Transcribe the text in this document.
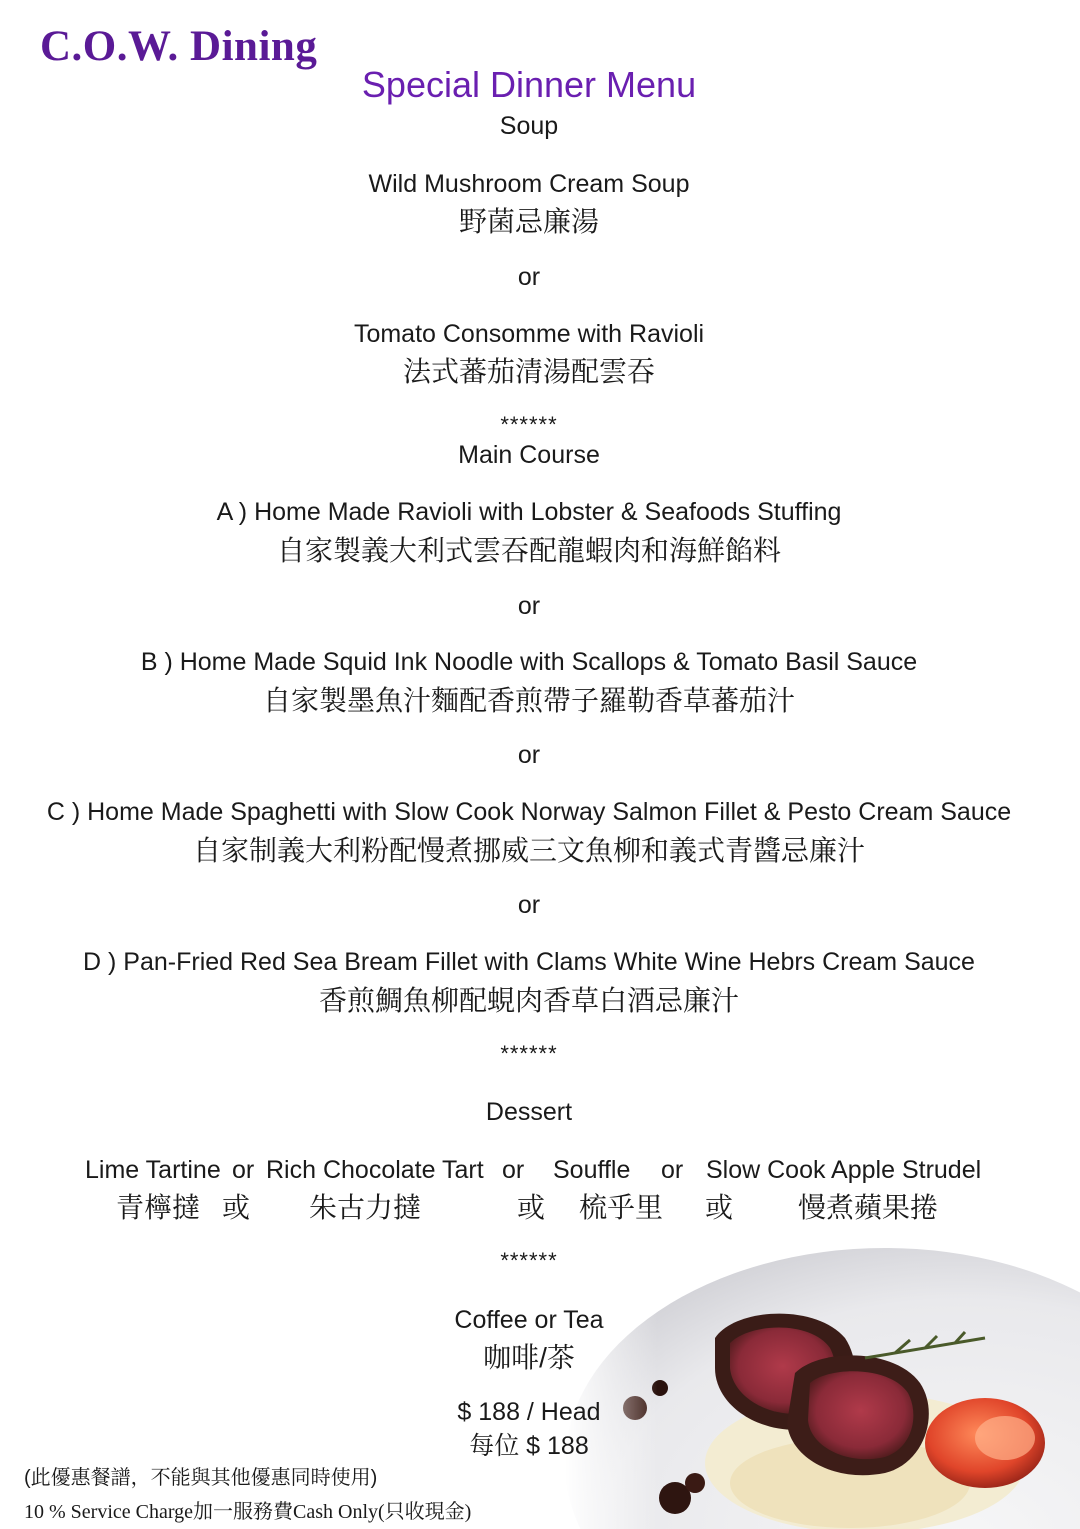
C.O.W. Dining
Special Dinner Menu
Soup
Wild Mushroom Cream Soup
野菌忌廉湯
or
Tomato Consomme with Ravioli
法式蕃茄清湯配雲吞
******
Main Course
A ) Home Made Ravioli with Lobster & Seafoods Stuffing
自家製義大利式雲吞配龍蝦肉和海鮮餡料
or
B ) Home Made Squid Ink Noodle with Scallops & Tomato Basil Sauce
自家製墨魚汁麵配香煎帶子羅勒香草蕃茄汁
or
C ) Home Made Spaghetti with Slow Cook Norway Salmon Fillet & Pesto Cream Sauce
自家制義大利粉配慢煮挪威三文魚柳和義式青醬忌廉汁
or
D ) Pan-Fried Red Sea Bream Fillet with Clams White Wine Hebrs Cream Sauce
香煎鯛魚柳配蜆肉香草白酒忌廉汁
******
Dessert
Lime Tartine or Rich Chocolate Tart or Souffle or Slow Cook Apple Strudel
青檸撻 或 朱古力撻	或 梳乎里 或 慢煮蘋果捲
******
Coffee or Tea
咖啡/茶
$ 188 / Head
每位 $ 188
(此優惠餐譜，不能與其他優惠同時使用)
10 % Service Charge加一服務費Cash Only(只收現金)
